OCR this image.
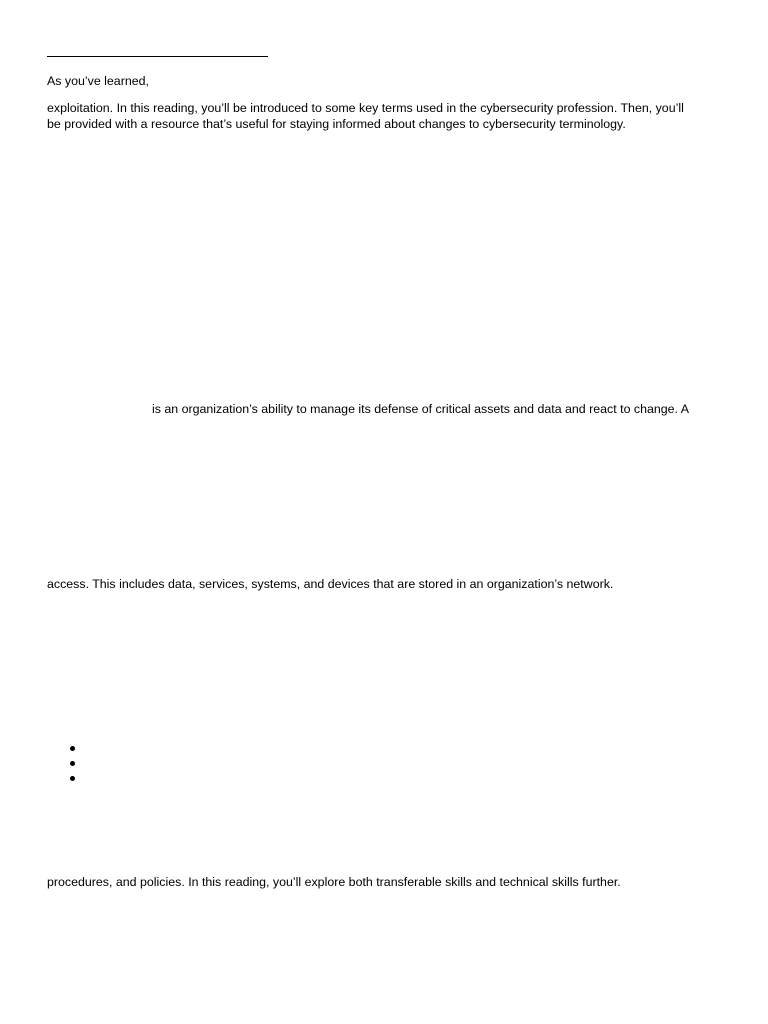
As you’ve learned,
exploitation. In this reading, you’ll be introduced to some key terms used in the cybersecurity profession. Then, you’ll
be provided with a resource that’s useful for staying informed about changes to cybersecurity terminology.
is an organization’s ability to manage its defense of critical assets and data and react to change. A
access. This includes data, services, systems, and devices that are stored in an organization’s network.
procedures, and policies. In this reading, you’ll explore both transferable skills and technical skills further.
